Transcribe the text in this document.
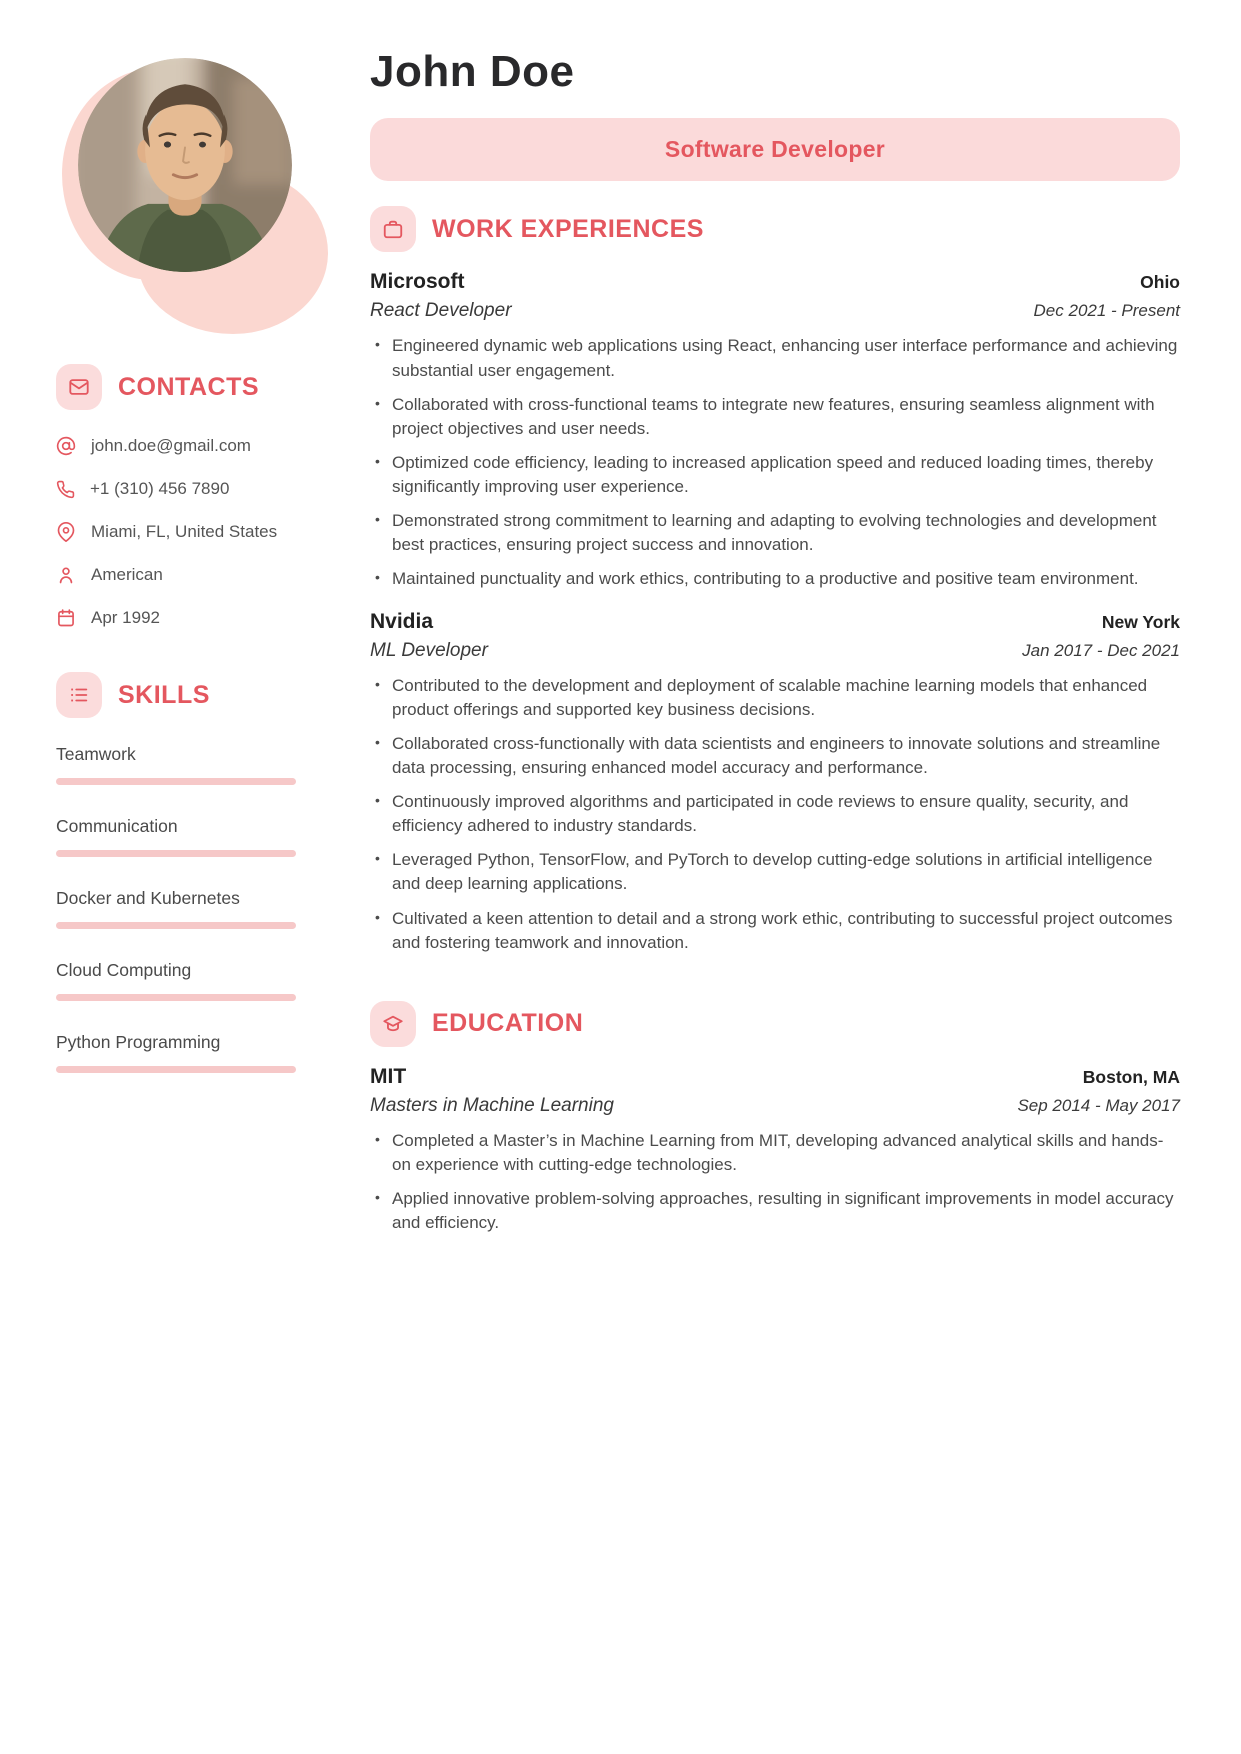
CONTACTS
john.doe@gmail.com
+1 (310) 456 7890
Miami, FL, United States
American
Apr 1992
SKILLS
Teamwork
Communication
Docker and Kubernetes
Cloud Computing
Python Programming
John Doe
Software Developer
WORK EXPERIENCES
Microsoft	Ohio
React Developer	Dec 2021 - Present
• Engineered dynamic web applications using React, enhancing user interface performance and achieving substantial user engagement.
• Collaborated with cross-functional teams to integrate new features, ensuring seamless alignment with project objectives and user needs.
• Optimized code efficiency, leading to increased application speed and reduced loading times, thereby significantly improving user experience.
• Demonstrated strong commitment to learning and adapting to evolving technologies and development best practices, ensuring project success and innovation.
• Maintained punctuality and work ethics, contributing to a productive and positive team environment.
Nvidia	New York
ML Developer	Jan 2017 - Dec 2021
• Contributed to the development and deployment of scalable machine learning models that enhanced product offerings and supported key business decisions.
• Collaborated cross-functionally with data scientists and engineers to innovate solutions and streamline data processing, ensuring enhanced model accuracy and performance.
• Continuously improved algorithms and participated in code reviews to ensure quality, security, and efficiency adhered to industry standards.
• Leveraged Python, TensorFlow, and PyTorch to develop cutting-edge solutions in artificial intelligence and deep learning applications.
• Cultivated a keen attention to detail and a strong work ethic, contributing to successful project outcomes and fostering teamwork and innovation.
EDUCATION
MIT	Boston, MA
Masters in Machine Learning	Sep 2014 - May 2017
• Completed a Master’s in Machine Learning from MIT, developing advanced analytical skills and hands-on experience with cutting-edge technologies.
• Applied innovative problem-solving approaches, resulting in significant improvements in model accuracy and efficiency.
